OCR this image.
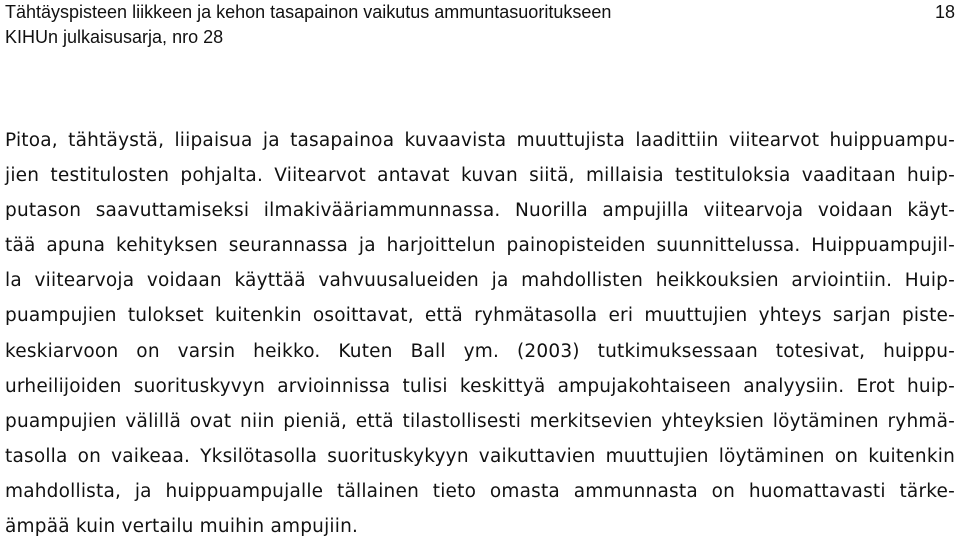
Tähtäyspisteen liikkeen ja kehon tasapainon vaikutus ammuntasuoritukseen
KIHUn julkaisusarja, nro 28
18
Pitoa, tähtäystä, liipaisua ja tasapainoa kuvaavista muuttujista laadittiin viitearvot huippuampu-
jien testitulosten pohjalta. Viitearvot antavat kuvan siitä, millaisia testituloksia vaaditaan huip-
putason saavuttamiseksi ilmakivääriammunnassa. Nuorilla ampujilla viitearvoja voidaan käyt-
tää apuna kehityksen seurannassa ja harjoittelun painopisteiden suunnittelussa. Huippuampujil-
la viitearvoja voidaan käyttää vahvuusalueiden ja mahdollisten heikkouksien arviointiin. Huip-
puampujien tulokset kuitenkin osoittavat, että ryhmätasolla eri muuttujien yhteys sarjan piste-
keskiarvoon on varsin heikko. Kuten Ball ym. (2003) tutkimuksessaan totesivat, huippu-
urheilijoiden suorituskyvyn arvioinnissa tulisi keskittyä ampujakohtaiseen analyysiin. Erot huip-
puampujien välillä ovat niin pieniä, että tilastollisesti merkitsevien yhteyksien löytäminen ryhmä-
tasolla on vaikeaa. Yksilötasolla suorituskykyyn vaikuttavien muuttujien löytäminen on kuitenkin
mahdollista, ja huippuampujalle tällainen tieto omasta ammunnasta on huomattavasti tärke-
ämpää kuin vertailu muihin ampujiin.
